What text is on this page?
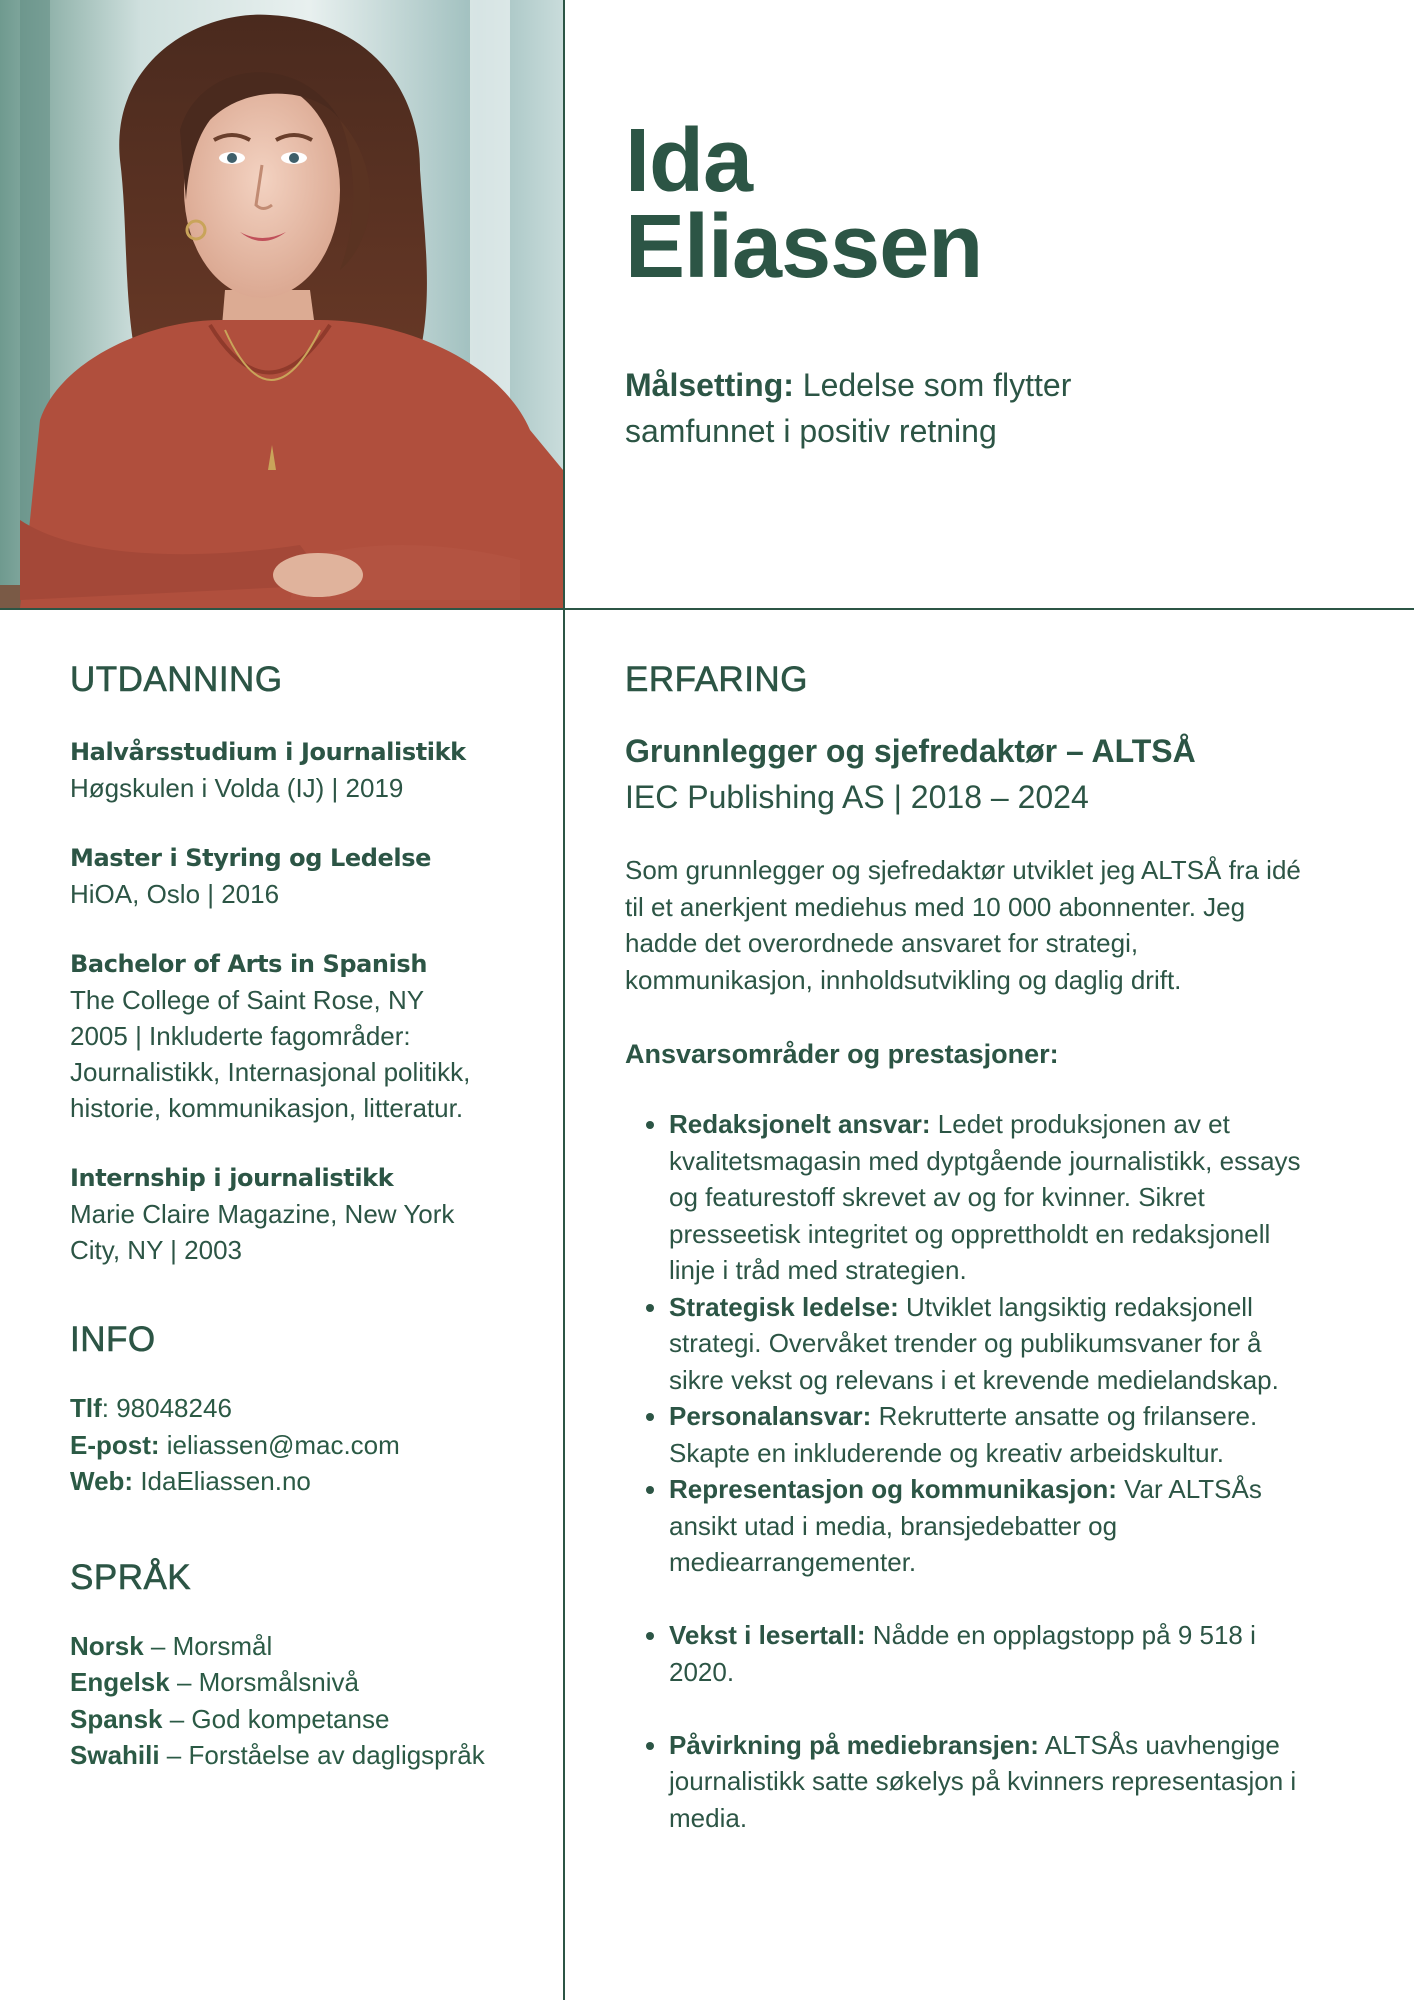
Ida
Eliassen
Målsetting: Ledelse som flytter samfunnet i positiv retning
UTDANNING
Halvårsstudium i Journalistikk
Høgskulen i Volda (IJ) | 2019
Master i Styring og Ledelse
HiOA, Oslo | 2016
Bachelor of Arts in Spanish
The College of Saint Rose, NY
2005 | Inkluderte fagområder:
Journalistikk, Internasjonal politikk,
historie, kommunikasjon, litteratur.
Internship i journalistikk
Marie Claire Magazine, New York
City, NY | 2003
INFO
Tlf: 98048246
E-post: ieliassen@mac.com
Web: IdaEliassen.no
SPRÅK
Norsk – Morsmål
Engelsk – Morsmålsnivå
Spansk – God kompetanse
Swahili – Forståelse av dagligspråk
ERFARING
Grunnlegger og sjefredaktør – ALTSÅ
IEC Publishing AS | 2018 – 2024
Som grunnlegger og sjefredaktør utviklet jeg ALTSÅ fra idé til et anerkjent mediehus med 10 000 abonnenter. Jeg hadde det overordnede ansvaret for strategi, kommunikasjon, innholdsutvikling og daglig drift.
Ansvarsområder og prestasjoner:
• Redaksjonelt ansvar: Ledet produksjonen av et kvalitetsmagasin med dyptgående journalistikk, essays og featurestoff skrevet av og for kvinner. Sikret presseetisk integritet og opprettholdt en redaksjonell linje i tråd med strategien.
• Strategisk ledelse: Utviklet langsiktig redaksjonell strategi. Overvåket trender og publikumsvaner for å sikre vekst og relevans i et krevende medielandskap.
• Personalansvar: Rekrutterte ansatte og frilansere. Skapte en inkluderende og kreativ arbeidskultur.
• Representasjon og kommunikasjon: Var ALTSÅs ansikt utad i media, bransjedebatter og mediearrangementer.
• Vekst i lesertall: Nådde en opplagstopp på 9 518 i 2020.
• Påvirkning på mediebransjen: ALTSÅs uavhengige journalistikk satte søkelys på kvinners representasjon i media.
